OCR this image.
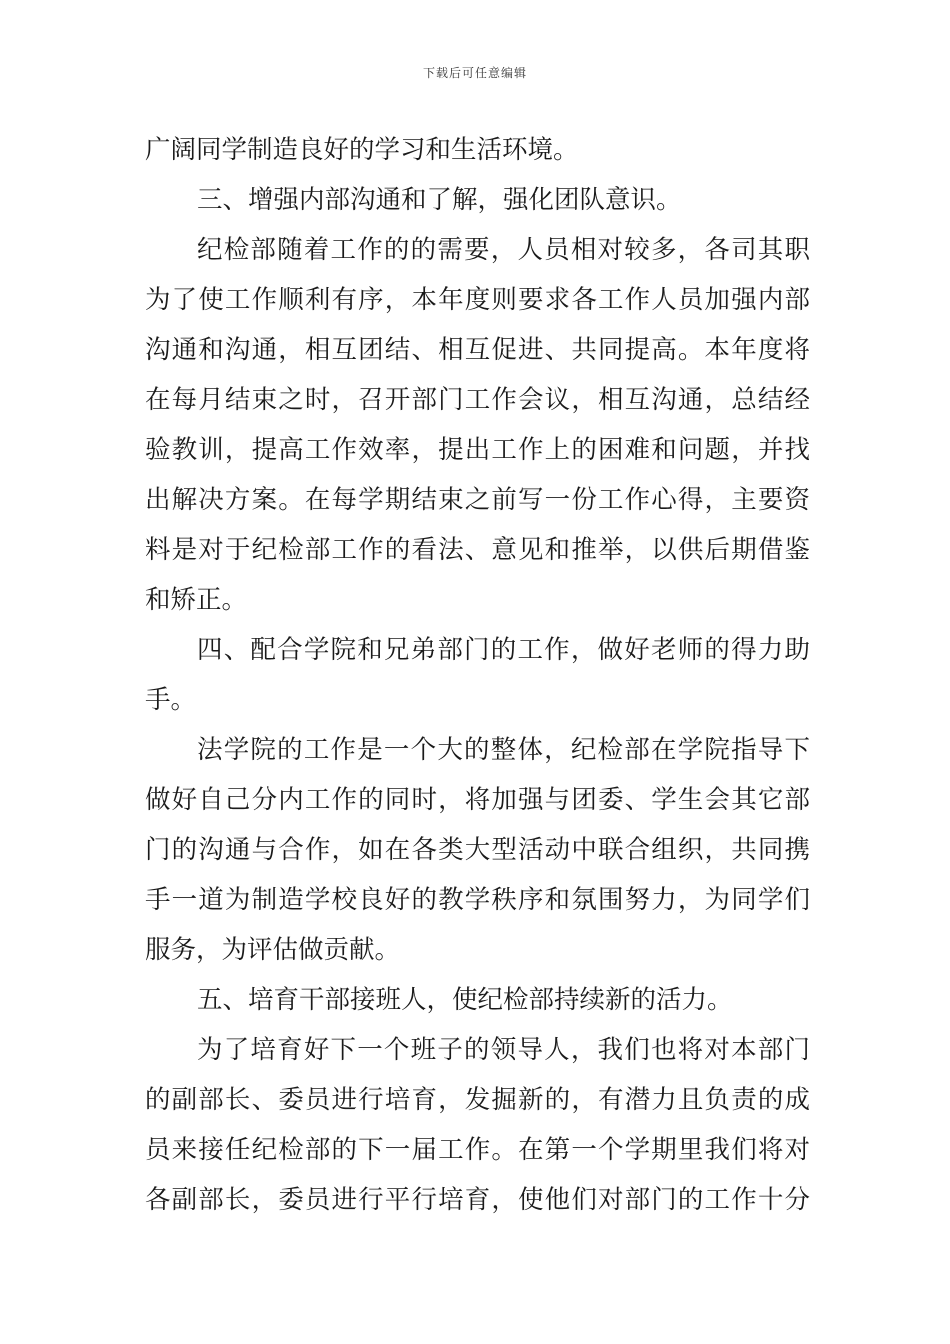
下载后可任意编辑
广阔同学制造良好的学习和生活环境。
三、增强内部沟通和了解，强化团队意识。
纪检部随着工作的的需要，人员相对较多，各司其职
为了使工作顺利有序，本年度则要求各工作人员加强内部
沟通和沟通，相互团结、相互促进、共同提高。本年度将
在每月结束之时，召开部门工作会议，相互沟通，总结经
验教训，提高工作效率，提出工作上的困难和问题，并找
出解决方案。在每学期结束之前写一份工作心得，主要资
料是对于纪检部工作的看法、意见和推举，以供后期借鉴
和矫正。
四、配合学院和兄弟部门的工作，做好老师的得力助
手。
法学院的工作是一个大的整体，纪检部在学院指导下
做好自己分内工作的同时，将加强与团委、学生会其它部
门的沟通与合作，如在各类大型活动中联合组织，共同携
手一道为制造学校良好的教学秩序和氛围努力，为同学们
服务，为评估做贡献。
五、培育干部接班人，使纪检部持续新的活力。
为了培育好下一个班子的领导人，我们也将对本部门
的副部长、委员进行培育，发掘新的，有潜力且负责的成
员来接任纪检部的下一届工作。在第一个学期里我们将对
各副部长，委员进行平行培育，使他们对部门的工作十分
